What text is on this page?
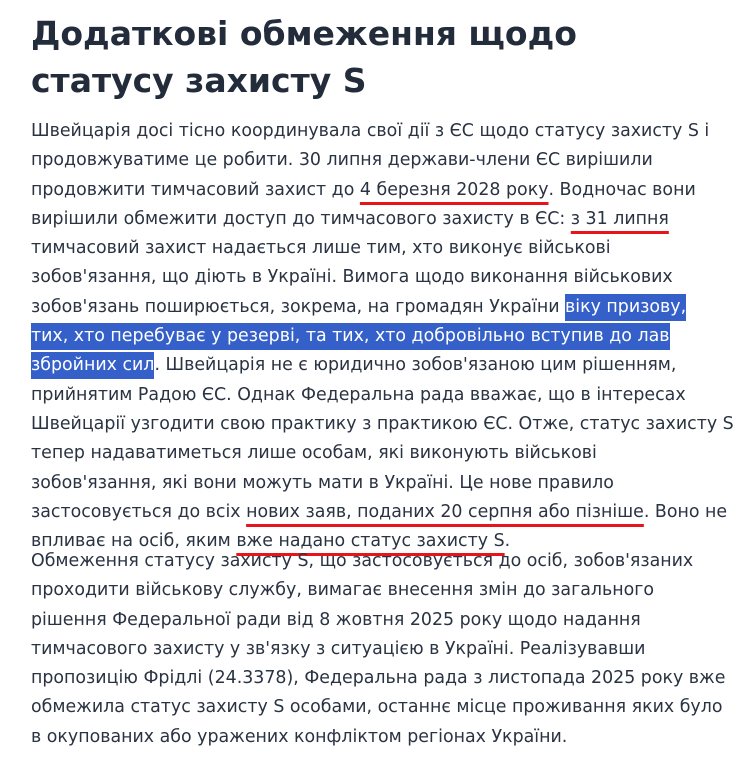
Додаткові обмеження щодо
статусу захисту S
Швейцарія досі тісно координувала свої дії з ЄС щодо статусу захисту S і
продовжуватиме це робити. 30 липня держави-члени ЄС вирішили
продовжити тимчасовий захист до 4 березня 2028 року. Водночас вони
вирішили обмежити доступ до тимчасового захисту в ЄС: з 31 липня
тимчасовий захист надається лише тим, хто виконує військові
зобов'язання, що діють в Україні. Вимога щодо виконання військових
зобов'язань поширюється, зокрема, на громадян України віку призову,
тих, хто перебуває у резерві, та тих, хто добровільно вступив до лав
збройних сил. Швейцарія не є юридично зобов'язаною цим рішенням,
прийнятим Радою ЄС. Однак Федеральна рада вважає, що в інтересах
Швейцарії узгодити свою практику з практикою ЄС. Отже, статус захисту S
тепер надаватиметься лише особам, які виконують військові
зобов'язання, які вони можуть мати в Україні. Це нове правило
застосовується до всіх нових заяв, поданих 20 серпня або пізніше. Воно не
впливає на осіб, яким вже надано статус захисту S.
Обмеження статусу захисту S, що застосовується до осіб, зобов'язаних
проходити військову службу, вимагає внесення змін до загального
рішення Федеральної ради від 8 жовтня 2025 року щодо надання
тимчасового захисту у зв'язку з ситуацією в Україні. Реалізувавши
пропозицію Фрідлі (24.3378), Федеральна рада з листопада 2025 року вже
обмежила статус захисту S особами, останнє місце проживання яких було
в окупованих або уражених конфліктом регіонах України.
